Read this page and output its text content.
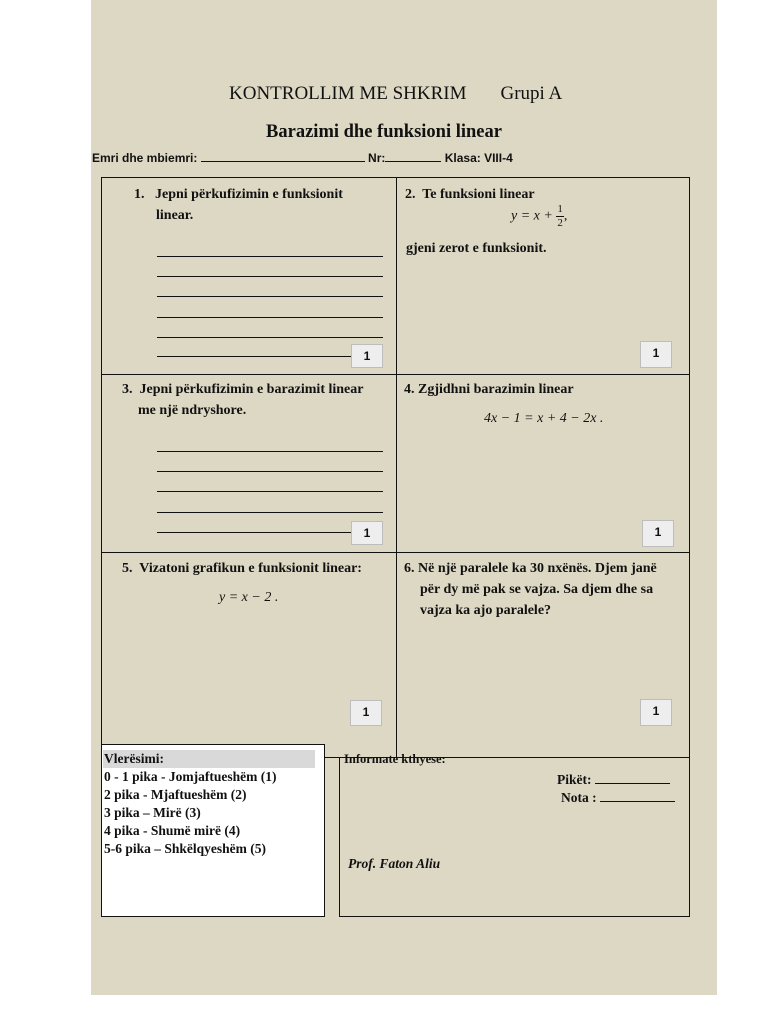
KONTROLLIM ME SHKRIM Grupi A
Barazimi dhe funksioni linear
Emri dhe mbiemri:	Nr:	Klasa: VIII-4
1. Jepni përkufizimin e funksionit
linear.
1
2. Te funksioni linear
$y = x + \frac{1}{2}$ ,
gjeni zerot e funksionit.
1
3. Jepni përkufizimin e barazimit linear
me një ndryshore.
1
4. Zgjidhni barazimin linear
4x − 1 = x + 4 − 2x .
1
5. Vizatoni grafikun e funksionit linear:
y = x − 2 .
1
6. Në një paralele ka 30 nxënës. Djem janë
për dy më pak se vajza. Sa djem dhe sa
vajza ka ajo paralele?
1
Informate kthyese:
Pikët:
Nota :
Prof. Faton Aliu
Vlerësimi:
0 - 1 pika - Jomjaftueshëm (1)
2 pika - Mjaftueshëm (2)
3 pika – Mirë (3)
4 pika - Shumë mirë (4)
5-6 pika – Shkëlqyeshëm (5)
